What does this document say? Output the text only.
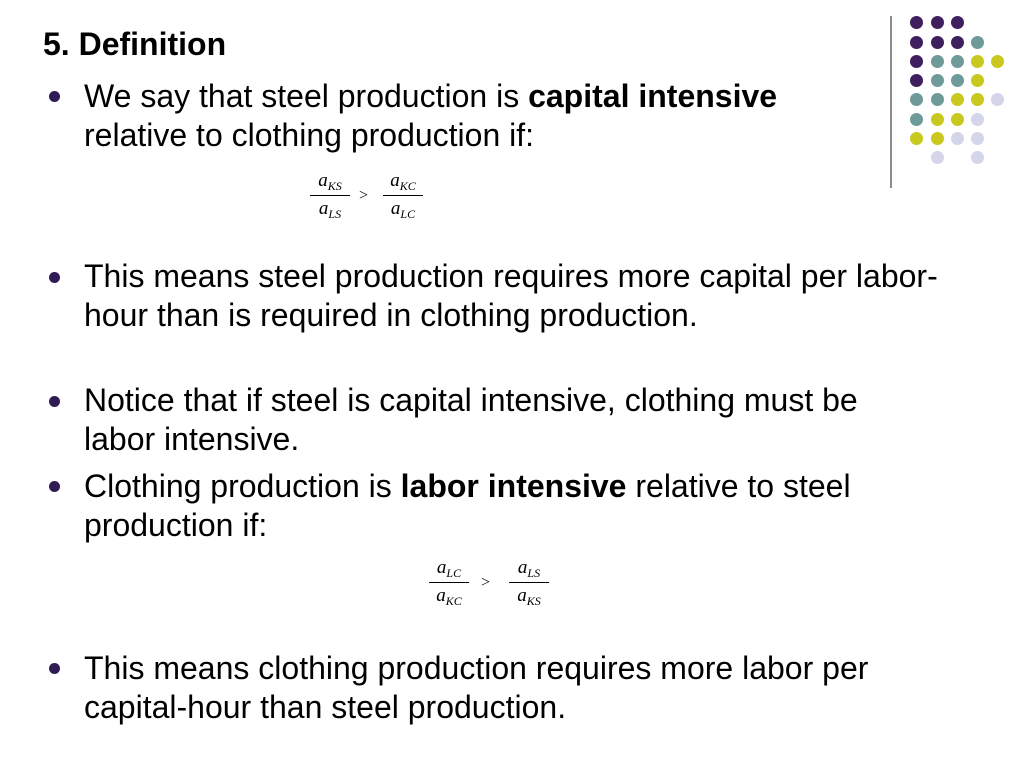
5. Definition

We say that steel production is capital intensive relative to clothing production if:

$a_{KS}$
$a_{LS}$
>
$a_{KC}$
$a_{LC}$

This means steel production requires more capital per labor-hour than is required in clothing production.

Notice that if steel is capital intensive, clothing must be labor intensive.

Clothing production is labor intensive relative to steel production if:

$a_{LC}$
$a_{KC}$
>
$a_{LS}$
$a_{KS}$

This means clothing production requires more labor per capital-hour than steel production.
